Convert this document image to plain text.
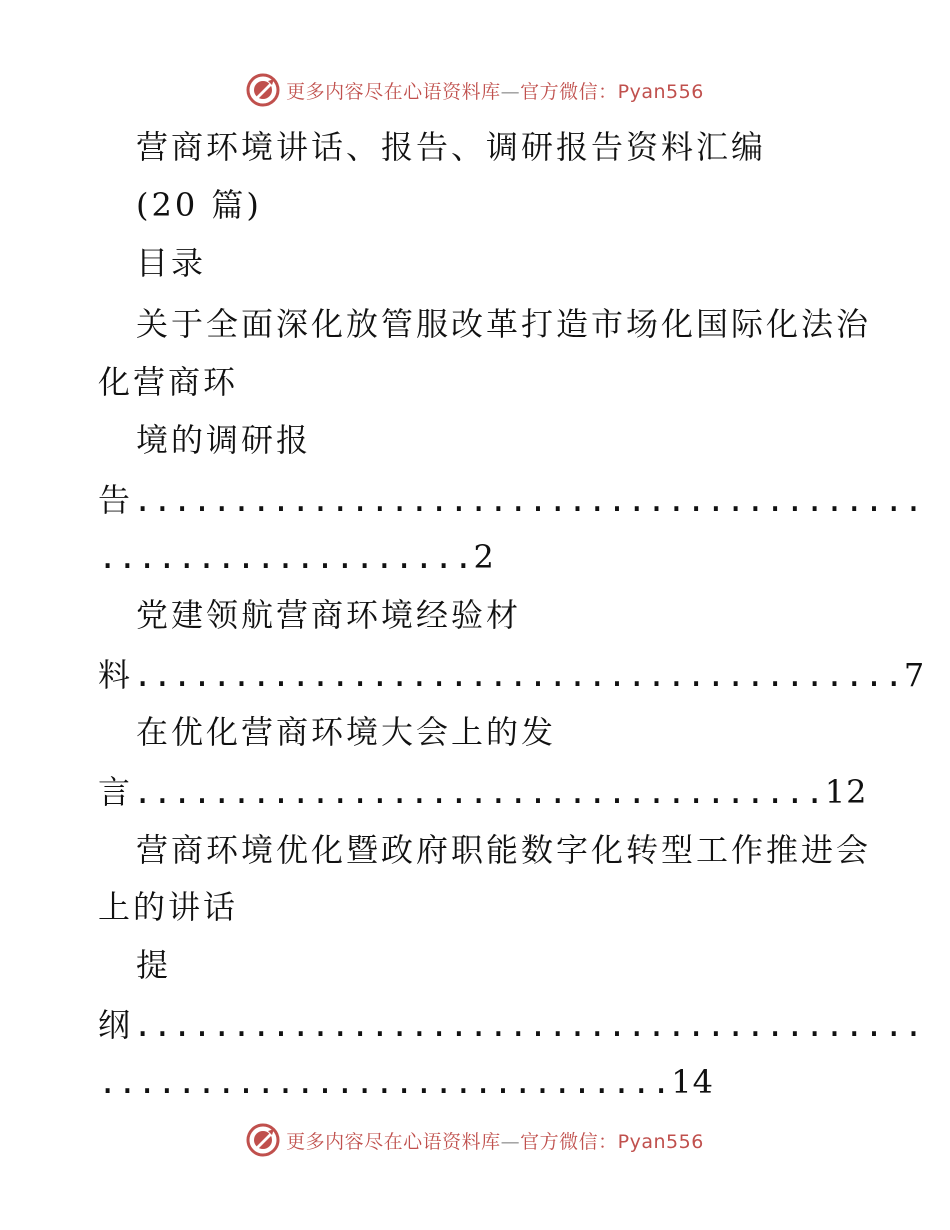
更多内容尽在心语资料库—官方微信：Pyan556
营商环境讲话、报告、调研报告资料汇编
(20 篇)
目录
关于全面深化放管服改革打造市场化国际化法治
化营商环
境的调研报
告 ........................................
................... 2
党建领航营商环境经验材
料 ....................................... 7
在优化营商环境大会上的发
言 ................................... 12
营商环境优化暨政府职能数字化转型工作推进会
上的讲话
提
纲 ........................................
............................. 14
更多内容尽在心语资料库—官方微信：Pyan556
